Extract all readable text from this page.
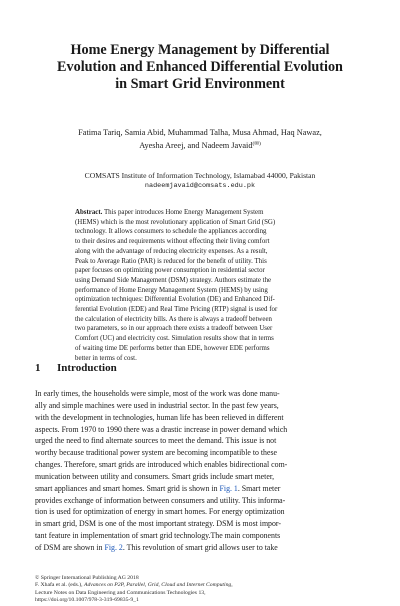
Home Energy Management by Differential
Evolution and Enhanced Differential Evolution
in Smart Grid Environment
Fatima Tariq, Samia Abid, Muhammad Talha, Musa Ahmad, Haq Nawaz,
Ayesha Areej, and Nadeem Javaid(✉)
COMSATS Institute of Information Technology, Islamabad 44000, Pakistan
nadeemjavaid@comsats.edu.pk
Abstract. This paper introduces Home Energy Management System
(HEMS) which is the most revolutionary application of Smart Grid (SG)
technology. It allows consumers to schedule the appliances according
to their desires and requirements without effecting their living comfort
along with the advantage of reducing electricity expenses. As a result,
Peak to Average Ratio (PAR) is reduced for the benefit of utility. This
paper focuses on optimizing power consumption in residential sector
using Demand Side Management (DSM) strategy. Authors estimate the
performance of Home Energy Management System (HEMS) by using
optimization techniques: Differential Evolution (DE) and Enhanced Dif-
ferential Evolution (EDE) and Real Time Pricing (RTP) signal is used for
the calculation of electricity bills. As there is always a tradeoff between
two parameters, so in our approach there exists a tradeoff between User
Comfort (UC) and electricity cost. Simulation results show that in terms
of waiting time DE performs better than EDE, however EDE performs
better in terms of cost.
1 Introduction
In early times, the households were simple, most of the work was done manu-
ally and simple machines were used in industrial sector. In the past few years,
with the development in technologies, human life has been relieved in different
aspects. From 1970 to 1990 there was a drastic increase in power demand which
urged the need to find alternate sources to meet the demand. This issue is not
worthy because traditional power system are becoming incompatible to these
changes. Therefore, smart grids are introduced which enables bidirectional com-
munication between utility and consumers. Smart grids include smart meter,
smart appliances and smart homes. Smart grid is shown in Fig. 1. Smart meter
provides exchange of information between consumers and utility. This informa-
tion is used for optimization of energy in smart homes. For energy optimization
in smart grid, DSM is one of the most important strategy. DSM is most impor-
tant feature in implementation of smart grid technology.The main components
of DSM are shown in Fig. 2. This revolution of smart grid allows user to take
© Springer International Publishing AG 2018
F. Xhafa et al. (eds.), Advances on P2P, Parallel, Grid, Cloud and Internet Computing,
Lecture Notes on Data Engineering and Communications Technologies 13,
https://doi.org/10.1007/978-3-319-69835-9_1
